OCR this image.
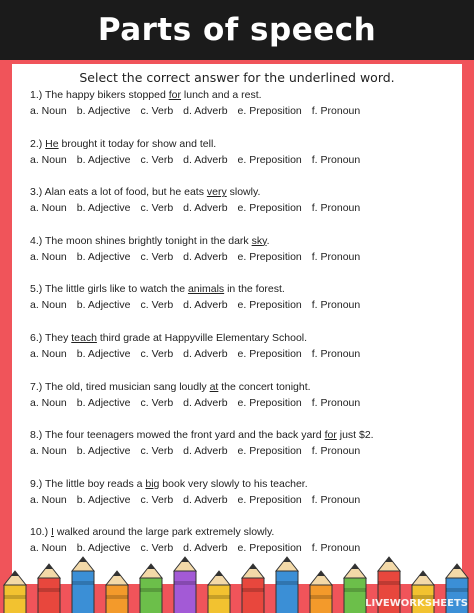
Parts of speech
Select the correct answer for the underlined word.
1.) The happy bikers stopped for lunch and a rest.
a. Noun b. Adjective c. Verb d. Adverb e. Preposition f. Pronoun
2.) He brought it today for show and tell.
a. Noun b. Adjective c. Verb d. Adverb e. Preposition f. Pronoun
3.) Alan eats a lot of food, but he eats very slowly.
a. Noun b. Adjective c. Verb d. Adverb e. Preposition f. Pronoun
4.) The moon shines brightly tonight in the dark sky.
a. Noun b. Adjective c. Verb d. Adverb e. Preposition f. Pronoun
5.) The little girls like to watch the animals in the forest.
a. Noun b. Adjective c. Verb d. Adverb e. Preposition f. Pronoun
6.) They teach third grade at Happyville Elementary School.
a. Noun b. Adjective c. Verb d. Adverb e. Preposition f. Pronoun
7.) The old, tired musician sang loudly at the concert tonight.
a. Noun b. Adjective c. Verb d. Adverb e. Preposition f. Pronoun
8.) The four teenagers mowed the front yard and the back yard for just $2.
a. Noun b. Adjective c. Verb d. Adverb e. Preposition f. Pronoun
9.) The little boy reads a big book very slowly to his teacher.
a. Noun b. Adjective c. Verb d. Adverb e. Preposition f. Pronoun
10.) I walked around the large park extremely slowly.
a. Noun b. Adjective c. Verb d. Adverb e. Preposition f. Pronoun
LIVEWORKSHEETS
